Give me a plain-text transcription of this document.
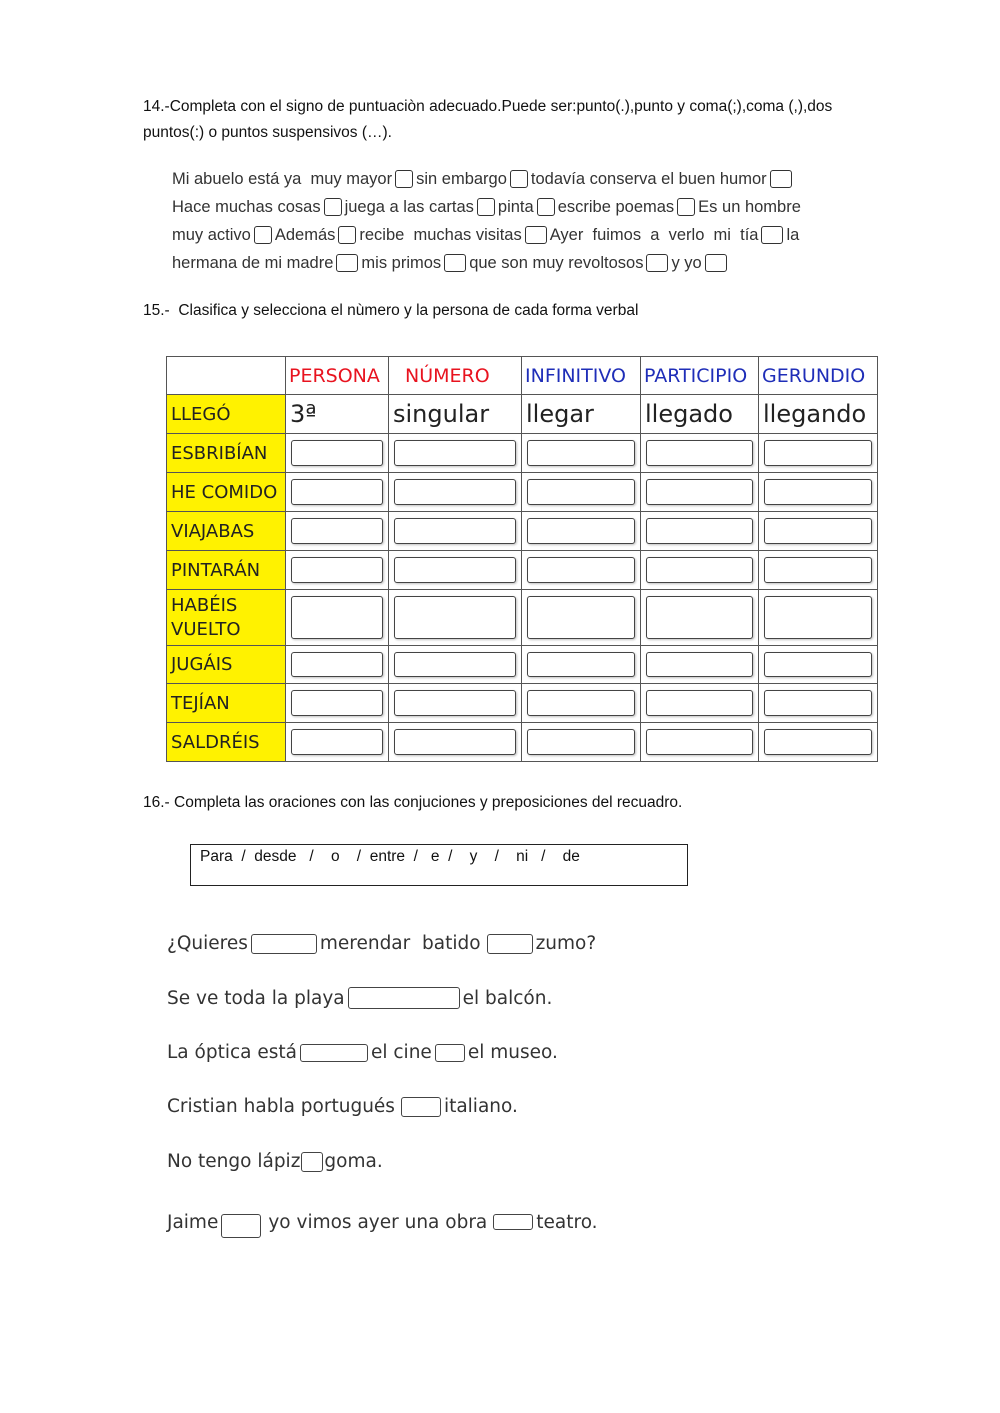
14.-Completa con el signo de puntuaciòn adecuado.Puede ser:punto(.),punto y coma(;),coma (,),dos puntos(:) o puntos suspensivos (…).
Mi abuelo está ya  muy mayor sin embargo todavía conserva el buen humor
Hace muchas cosas juega a las cartas pinta escribe poemas Es un hombre
muy activo Además recibe  muchas visitas Ayer  fuimos  a  verlo  mi  tía la
hermana de mi madre mis primos que son muy revoltosos y yo
15.-  Clasifica y selecciona el nùmero y la persona de cada forma verbal
	PERSONA	NÚMERO	INFINITIVO	PARTICIPIO	GERUNDIO
LLEGÓ	3ª	singular	llegar	llegado	llegando
ESBRIBÍAN	

HE COMIDO	

VIAJABAS	

PINTARÁN	

HABÉIS VUELTO	

JUGÁIS	

TEJÍAN	

SALDRÉIS	

16.- Completa las oraciones con las conjuciones y preposiciones del recuadro.
Para  /  desde   /    o    /  entre  /   e  /    y    /    ni   /    de
¿Quieres	merendar  batido	zumo?
Se ve toda la playa	el balcón.
La óptica está	el cine el museo.
Cristian habla portugués	italiano.
No tengo lápiz goma.
Jaime	yo vimos ayer una obra	teatro.
